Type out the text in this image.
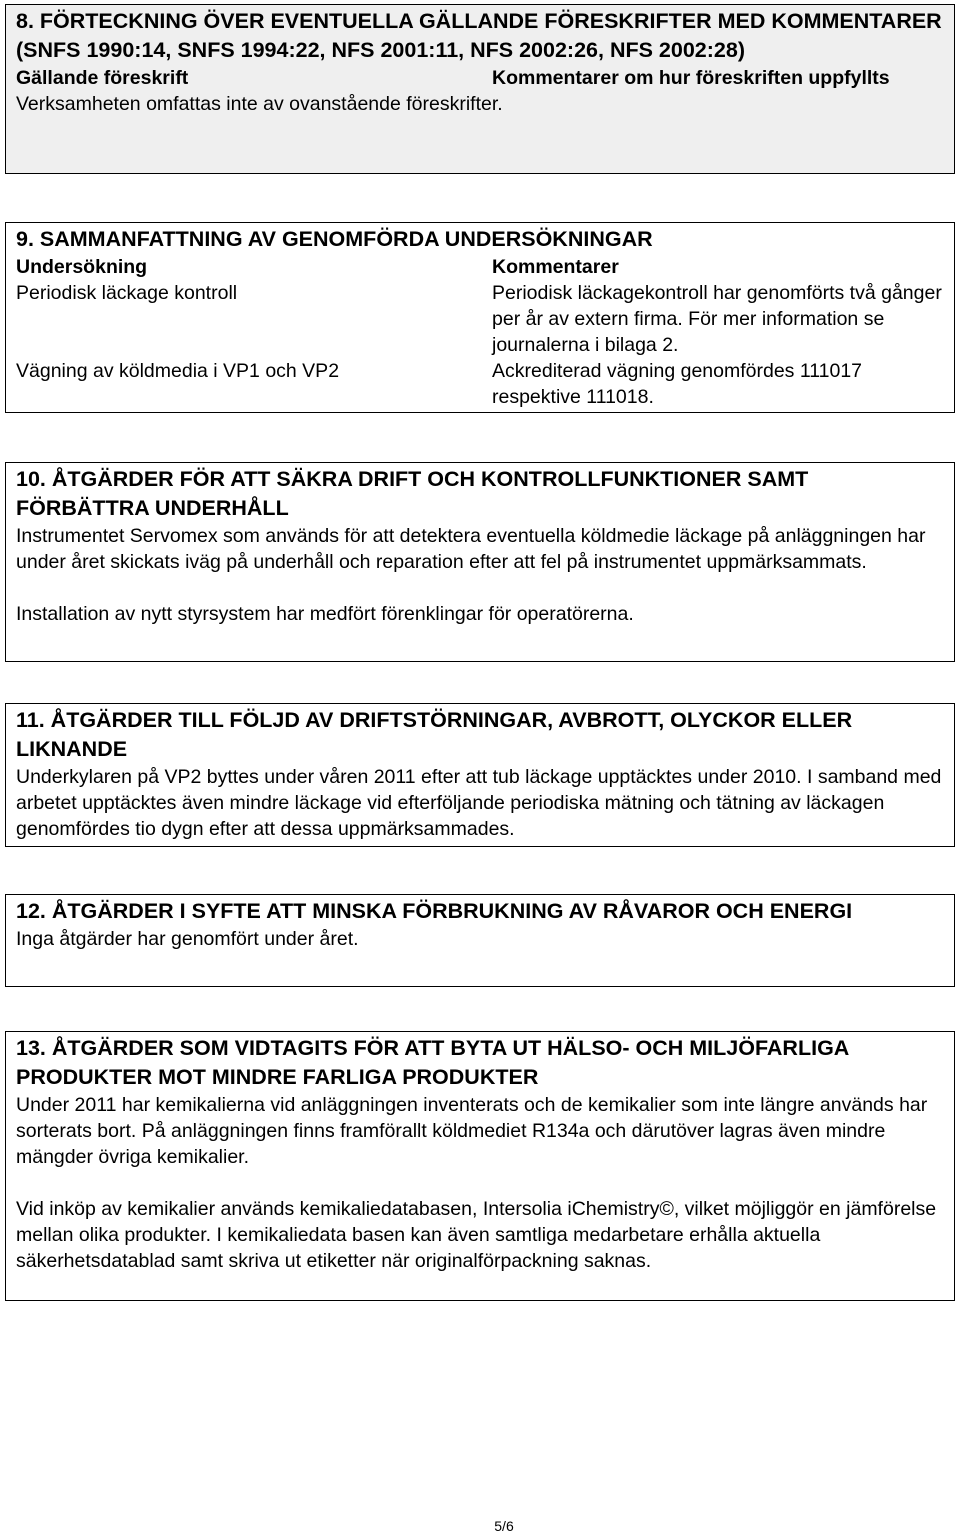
8. FÖRTECKNING ÖVER EVENTUELLA GÄLLANDE FÖRESKRIFTER MED KOMMENTARER (SNFS 1990:14, SNFS 1994:22, NFS 2001:11, NFS 2002:26, NFS 2002:28)
Gällande föreskrift	Kommentarer om hur föreskriften uppfyllts
Verksamheten omfattas inte av ovanstående föreskrifter.
9. SAMMANFATTNING AV GENOMFÖRDA UNDERSÖKNINGAR
Undersökning	Kommentarer
Periodisk läckage kontroll	Periodisk läckagekontroll har genomförts två gånger per år av extern firma. För mer information se journalerna i bilaga 2.
Vägning av köldmedia i VP1 och VP2	Ackrediterad vägning genomfördes 111017 respektive 111018.
10. ÅTGÄRDER FÖR ATT SÄKRA DRIFT OCH KONTROLLFUNKTIONER SAMT FÖRBÄTTRA UNDERHÅLL
Instrumentet Servomex som används för att detektera eventuella köldmedie läckage på anläggningen har under året skickats iväg på underhåll och reparation efter att fel på instrumentet uppmärksammats.
Installation av nytt styrsystem har medfört förenklingar för operatörerna.
11. ÅTGÄRDER TILL FÖLJD AV DRIFTSTÖRNINGAR, AVBROTT, OLYCKOR ELLER LIKNANDE
Underkylaren på VP2 byttes under våren 2011 efter att tub läckage upptäcktes under 2010. I samband med arbetet upptäcktes även mindre läckage vid efterföljande periodiska mätning och tätning av läckagen genomfördes tio dygn efter att dessa uppmärksammades.
12. ÅTGÄRDER I SYFTE ATT MINSKA FÖRBRUKNING AV RÅVAROR OCH ENERGI
Inga åtgärder har genomfört under året.
13. ÅTGÄRDER SOM VIDTAGITS FÖR ATT BYTA UT HÄLSO- OCH MILJÖFARLIGA PRODUKTER MOT MINDRE FARLIGA PRODUKTER
Under 2011 har kemikalierna vid anläggningen inventerats och de kemikalier som inte längre används har sorterats bort. På anläggningen finns framförallt köldmediet R134a och därutöver lagras även mindre mängder övriga kemikalier.
Vid inköp av kemikalier används kemikaliedatabasen, Intersolia iChemistry©, vilket möjliggör en jämförelse mellan olika produkter. I kemikaliedata basen kan även samtliga medarbetare erhålla aktuella säkerhetsdatablad samt skriva ut etiketter när originalförpackning saknas.
5/6
